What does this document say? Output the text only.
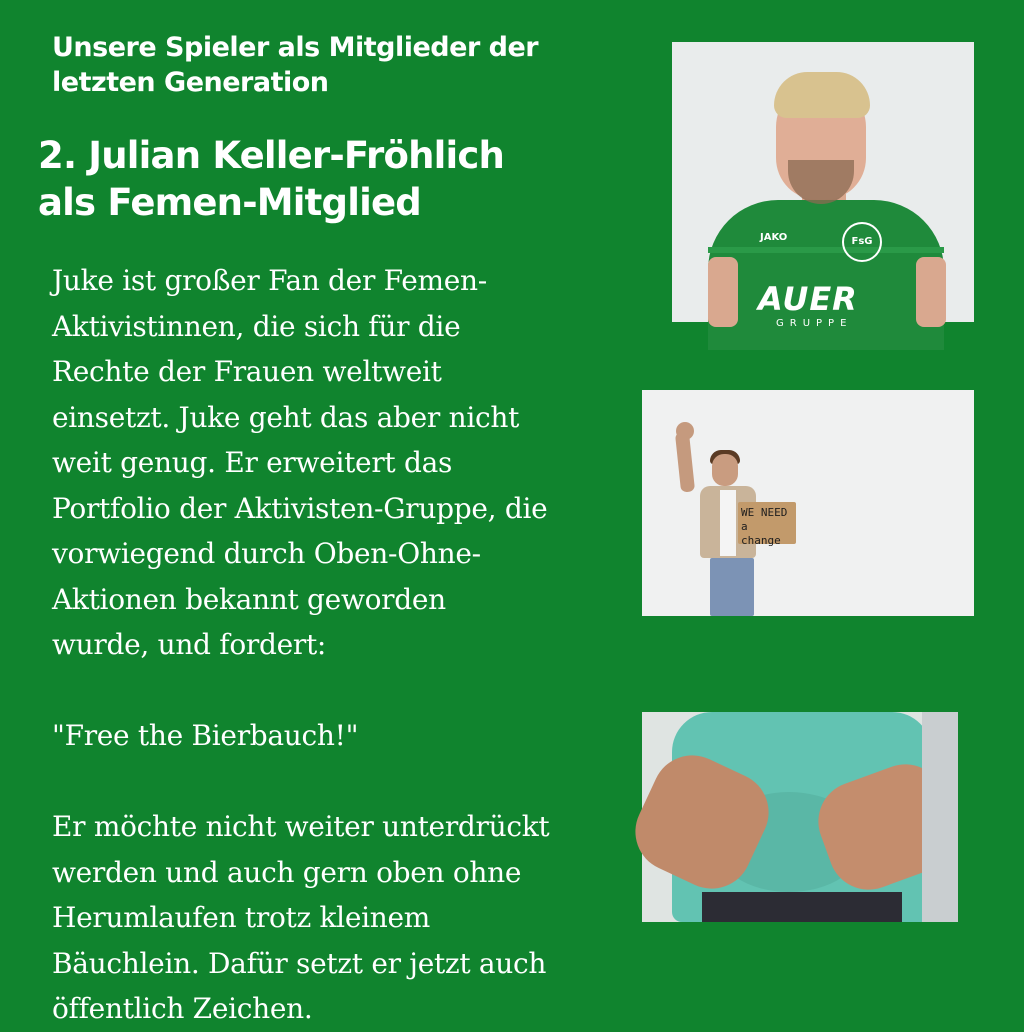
Unsere Spieler als Mitglieder der
letzten Generation
2. Julian Keller-Fröhlich
als Femen-Mitglied

Juke ist großer Fan der Femen-

Aktivistinnen, die sich für die

Rechte der Frauen weltweit

einsetzt. Juke geht das aber nicht

weit genug. Er erweitert das

Portfolio der Aktivisten-Gruppe, die

vorwiegend durch Oben-Ohne-

Aktionen bekannt geworden

wurde, und fordert:

"Free the Bierbauch!"

Er möchte nicht weiter unterdrückt

werden und auch gern oben ohne

Herumlaufen trotz kleinem

Bäuchlein. Dafür setzt er jetzt auch

öffentlich Zeichen.

JAKO	FsG
AUER
GRUPPE
WE NEED
a change
